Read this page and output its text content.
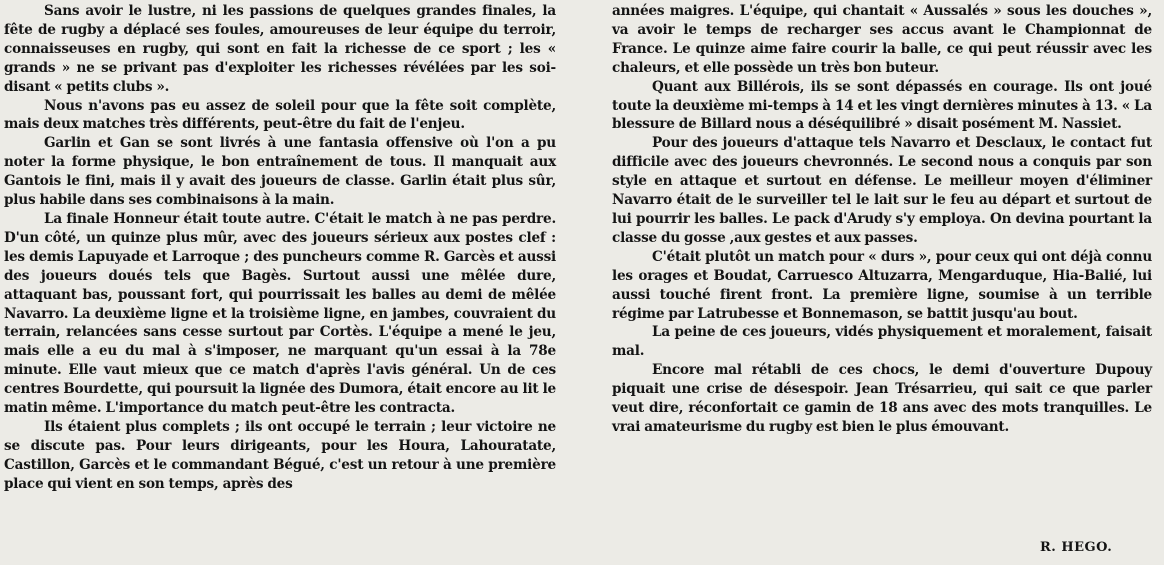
Sans avoir le lustre, ni les passions de quelques grandes finales, la fête de rugby a déplacé ses foules, amoureuses de leur équipe du terroir, connaisseuses en rugby, qui sont en fait la richesse de ce sport ; les « grands » ne se privant pas d'exploiter les richesses révélées par les soi-disant « petits clubs ».

Nous n'avons pas eu assez de soleil pour que la fête soit complète, mais deux matches très différents, peut-être du fait de l'enjeu.

Garlin et Gan se sont livrés à une fantasia offensive où l'on a pu noter la forme physique, le bon entraînement de tous. Il manquait aux Gantois le fini, mais il y avait des joueurs de classe. Garlin était plus sûr, plus habile dans ses combinaisons à la main.

La finale Honneur était toute autre. C'était le match à ne pas perdre. D'un côté, un quinze plus mûr, avec des joueurs sérieux aux postes clef : les demis Lapuyade et Larroque ; des puncheurs comme R. Garcès et aussi des joueurs doués tels que Bagès. Surtout aussi une mêlée dure, attaquant bas, poussant fort, qui pourrissait les balles au demi de mêlée Navarro. La deuxième ligne et la troisième ligne, en jambes, couvraient du terrain, relancées sans cesse surtout par Cortès. L'équipe a mené le jeu, mais elle a eu du mal à s'imposer, ne marquant qu'un essai à la 78e minute. Elle vaut mieux que ce match d'après l'avis général. Un de ces centres Bourdette, qui poursuit la lignée des Dumora, était encore au lit le matin même. L'importance du match peut-être les contracta.

Ils étaient plus complets ; ils ont occupé le terrain ; leur victoire ne se discute pas. Pour leurs dirigeants, pour les Houra, Lahouratate, Castillon, Garcès et le commandant Bégué, c'est un retour à une première place qui vient en son temps, après des

années maigres. L'équipe, qui chantait « Aussalés » sous les douches », va avoir le temps de recharger ses accus avant le Championnat de France. Le quinze aime faire courir la balle, ce qui peut réussir avec les chaleurs, et elle possède un très bon buteur.

Quant aux Billérois, ils se sont dépassés en courage. Ils ont joué toute la deuxième mi-temps à 14 et les vingt dernières minutes à 13. « La blessure de Billard nous a déséquilibré » disait posément M. Nassiet.

Pour des joueurs d'attaque tels Navarro et Desclaux, le contact fut difficile avec des joueurs chevronnés. Le second nous a conquis par son style en attaque et surtout en défense. Le meilleur moyen d'éliminer Navarro était de le surveiller tel le lait sur le feu au départ et surtout de lui pourrir les balles. Le pack d'Arudy s'y employa. On devina pourtant la classe du gosse ,aux gestes et aux passes.

C'était plutôt un match pour « durs », pour ceux qui ont déjà connu les orages et Boudat, Carruesco Altuzarra, Mengarduque, Hia-Balié, lui aussi touché firent front. La première ligne, soumise à un terrible régime par Latrubesse et Bonnemason, se battit jusqu'au bout.

La peine de ces joueurs, vidés physiquement et moralement, faisait mal.

Encore mal rétabli de ces chocs, le demi d'ouverture Dupouy piquait une crise de désespoir. Jean Trésarrieu, qui sait ce que parler veut dire, réconfortait ce gamin de 18 ans avec des mots tranquilles. Le vrai amateurisme du rugby est bien le plus émouvant.

R. HEGO.
